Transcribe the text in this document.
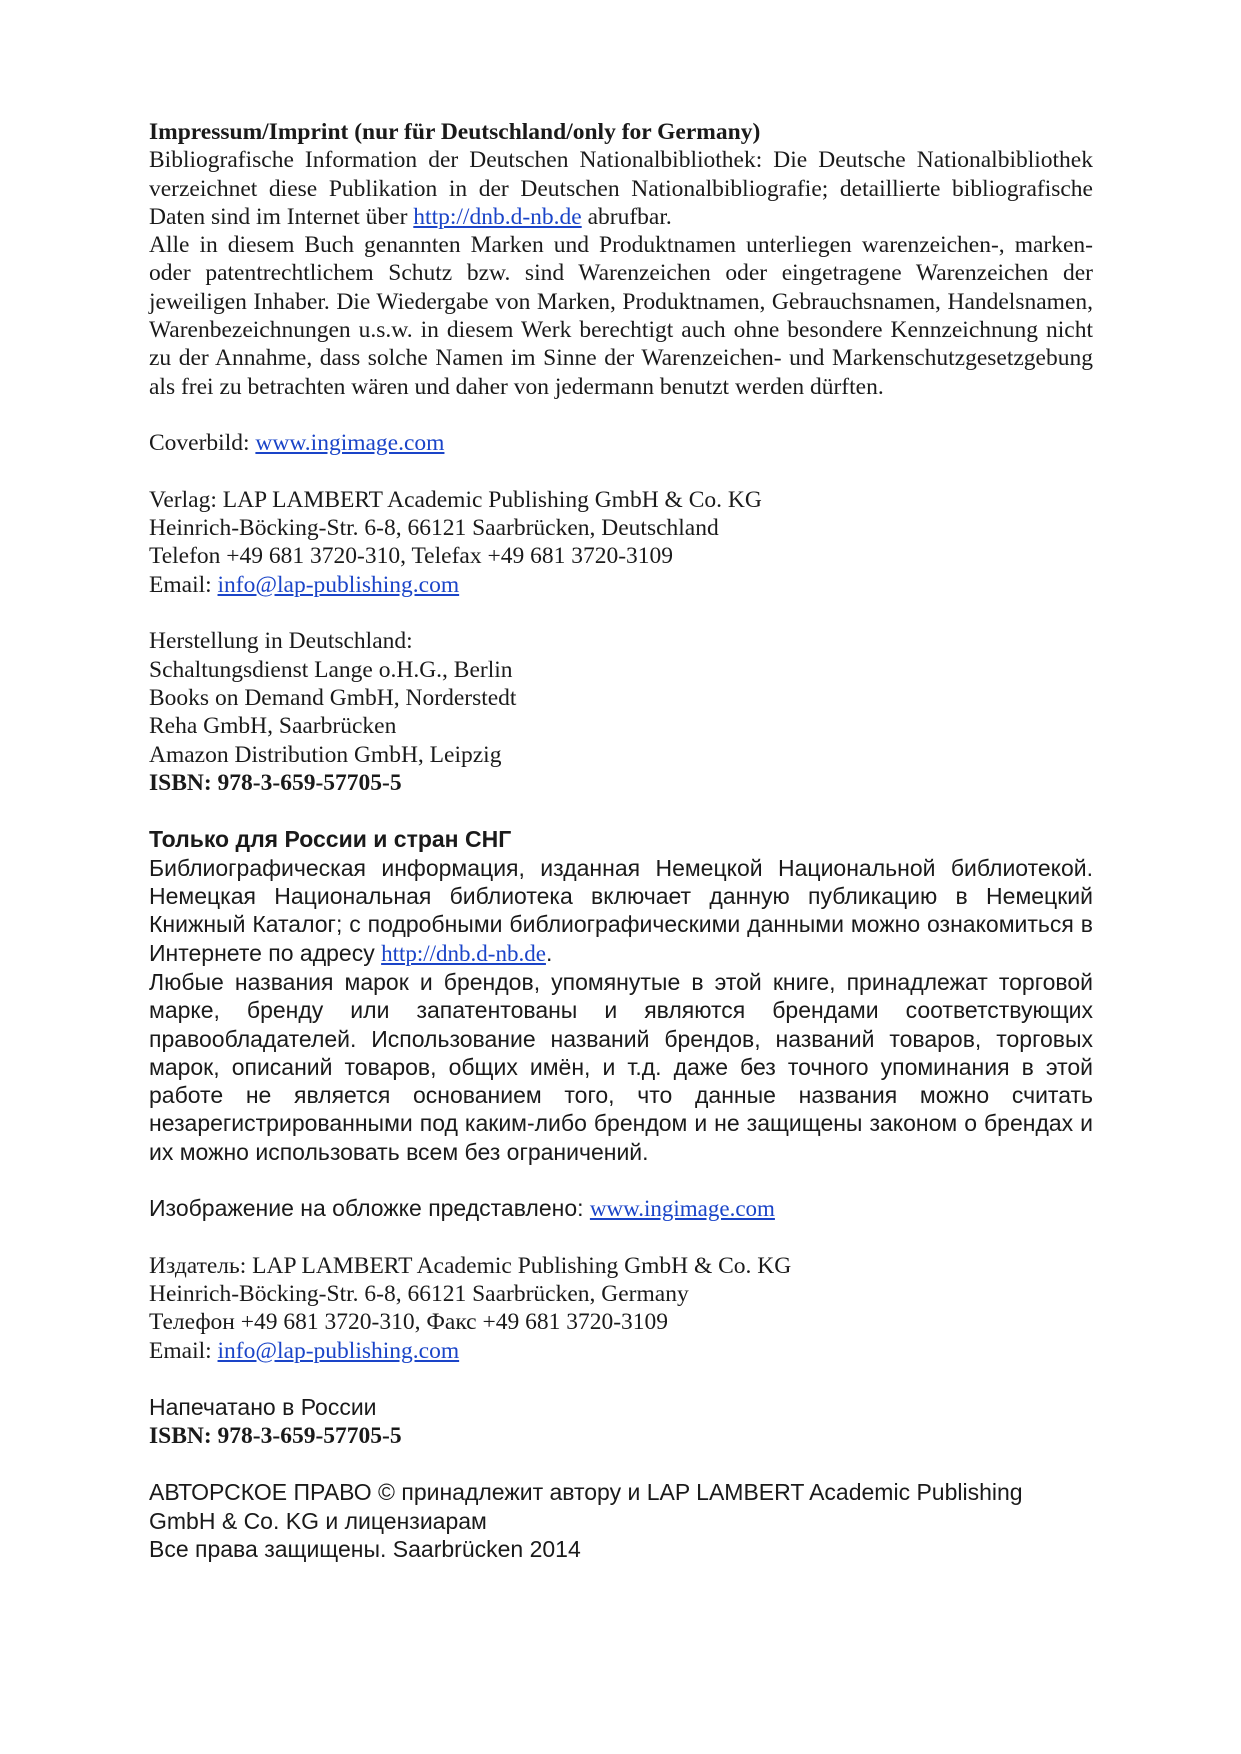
Impressum/Imprint (nur für Deutschland/only for Germany)

Bibliografische Information der Deutschen Nationalbibliothek: Die Deutsche Nationalbibliothek verzeichnet diese Publikation in der Deutschen Nationalbibliografie; detaillierte bibliografische Daten sind im Internet über http://dnb.d-nb.de abrufbar.

Alle in diesem Buch genannten Marken und Produktnamen unterliegen warenzeichen-, marken- oder patentrechtlichem Schutz bzw. sind Warenzeichen oder eingetragene Warenzeichen der jeweiligen Inhaber. Die Wiedergabe von Marken, Produktnamen, Gebrauchsnamen, Handelsnamen, Warenbezeichnungen u.s.w. in diesem Werk berechtigt auch ohne besondere Kennzeichnung nicht zu der Annahme, dass solche Namen im Sinne der Warenzeichen- und Markenschutzgesetzgebung als frei zu betrachten wären und daher von jedermann benutzt werden dürften.

Coverbild: www.ingimage.com

Verlag: LAP LAMBERT Academic Publishing GmbH & Co. KG

Heinrich-Böcking-Str. 6-8, 66121 Saarbrücken, Deutschland

Telefon +49 681 3720-310, Telefax +49 681 3720-3109

Email: info@lap-publishing.com

Herstellung in Deutschland:

Schaltungsdienst Lange o.H.G., Berlin

Books on Demand GmbH, Norderstedt

Reha GmbH, Saarbrücken

Amazon Distribution GmbH, Leipzig

ISBN: 978-3-659-57705-5

Только для России и стран СНГ

Библиографическая информация, изданная Немецкой Национальной библиотекой. Немецкая Национальная библиотека включает данную публикацию в Немецкий Книжный Каталог; с подробными библиографическими данными можно ознакомиться в Интернете по адресу http://dnb.d-nb.de.

Любые названия марок и брендов, упомянутые в этой книге, принадлежат торговой марке, бренду или запатентованы и являются брендами соответствующих правообладателей. Использование названий брендов, названий товаров, торговых марок, описаний товаров, общих имён, и т.д. даже без точного упоминания в этой работе не является основанием того, что данные названия можно считать незарегистрированными под каким-либо брендом и не защищены законом о брендах и их можно использовать всем без ограничений.

Изображение на обложке представлено: www.ingimage.com

Издатель: LAP LAMBERT Academic Publishing GmbH & Co. KG

Heinrich-Böcking-Str. 6-8, 66121 Saarbrücken, Germany

Телефон +49 681 3720-310, Факс +49 681 3720-3109

Email: info@lap-publishing.com

Напечатано в России

ISBN: 978-3-659-57705-5

АВТОРСКОЕ ПРАВО © принадлежит автору и LAP LAMBERT Academic Publishing GmbH & Co. KG и лицензиарам

Все права защищены. Saarbrücken 2014
